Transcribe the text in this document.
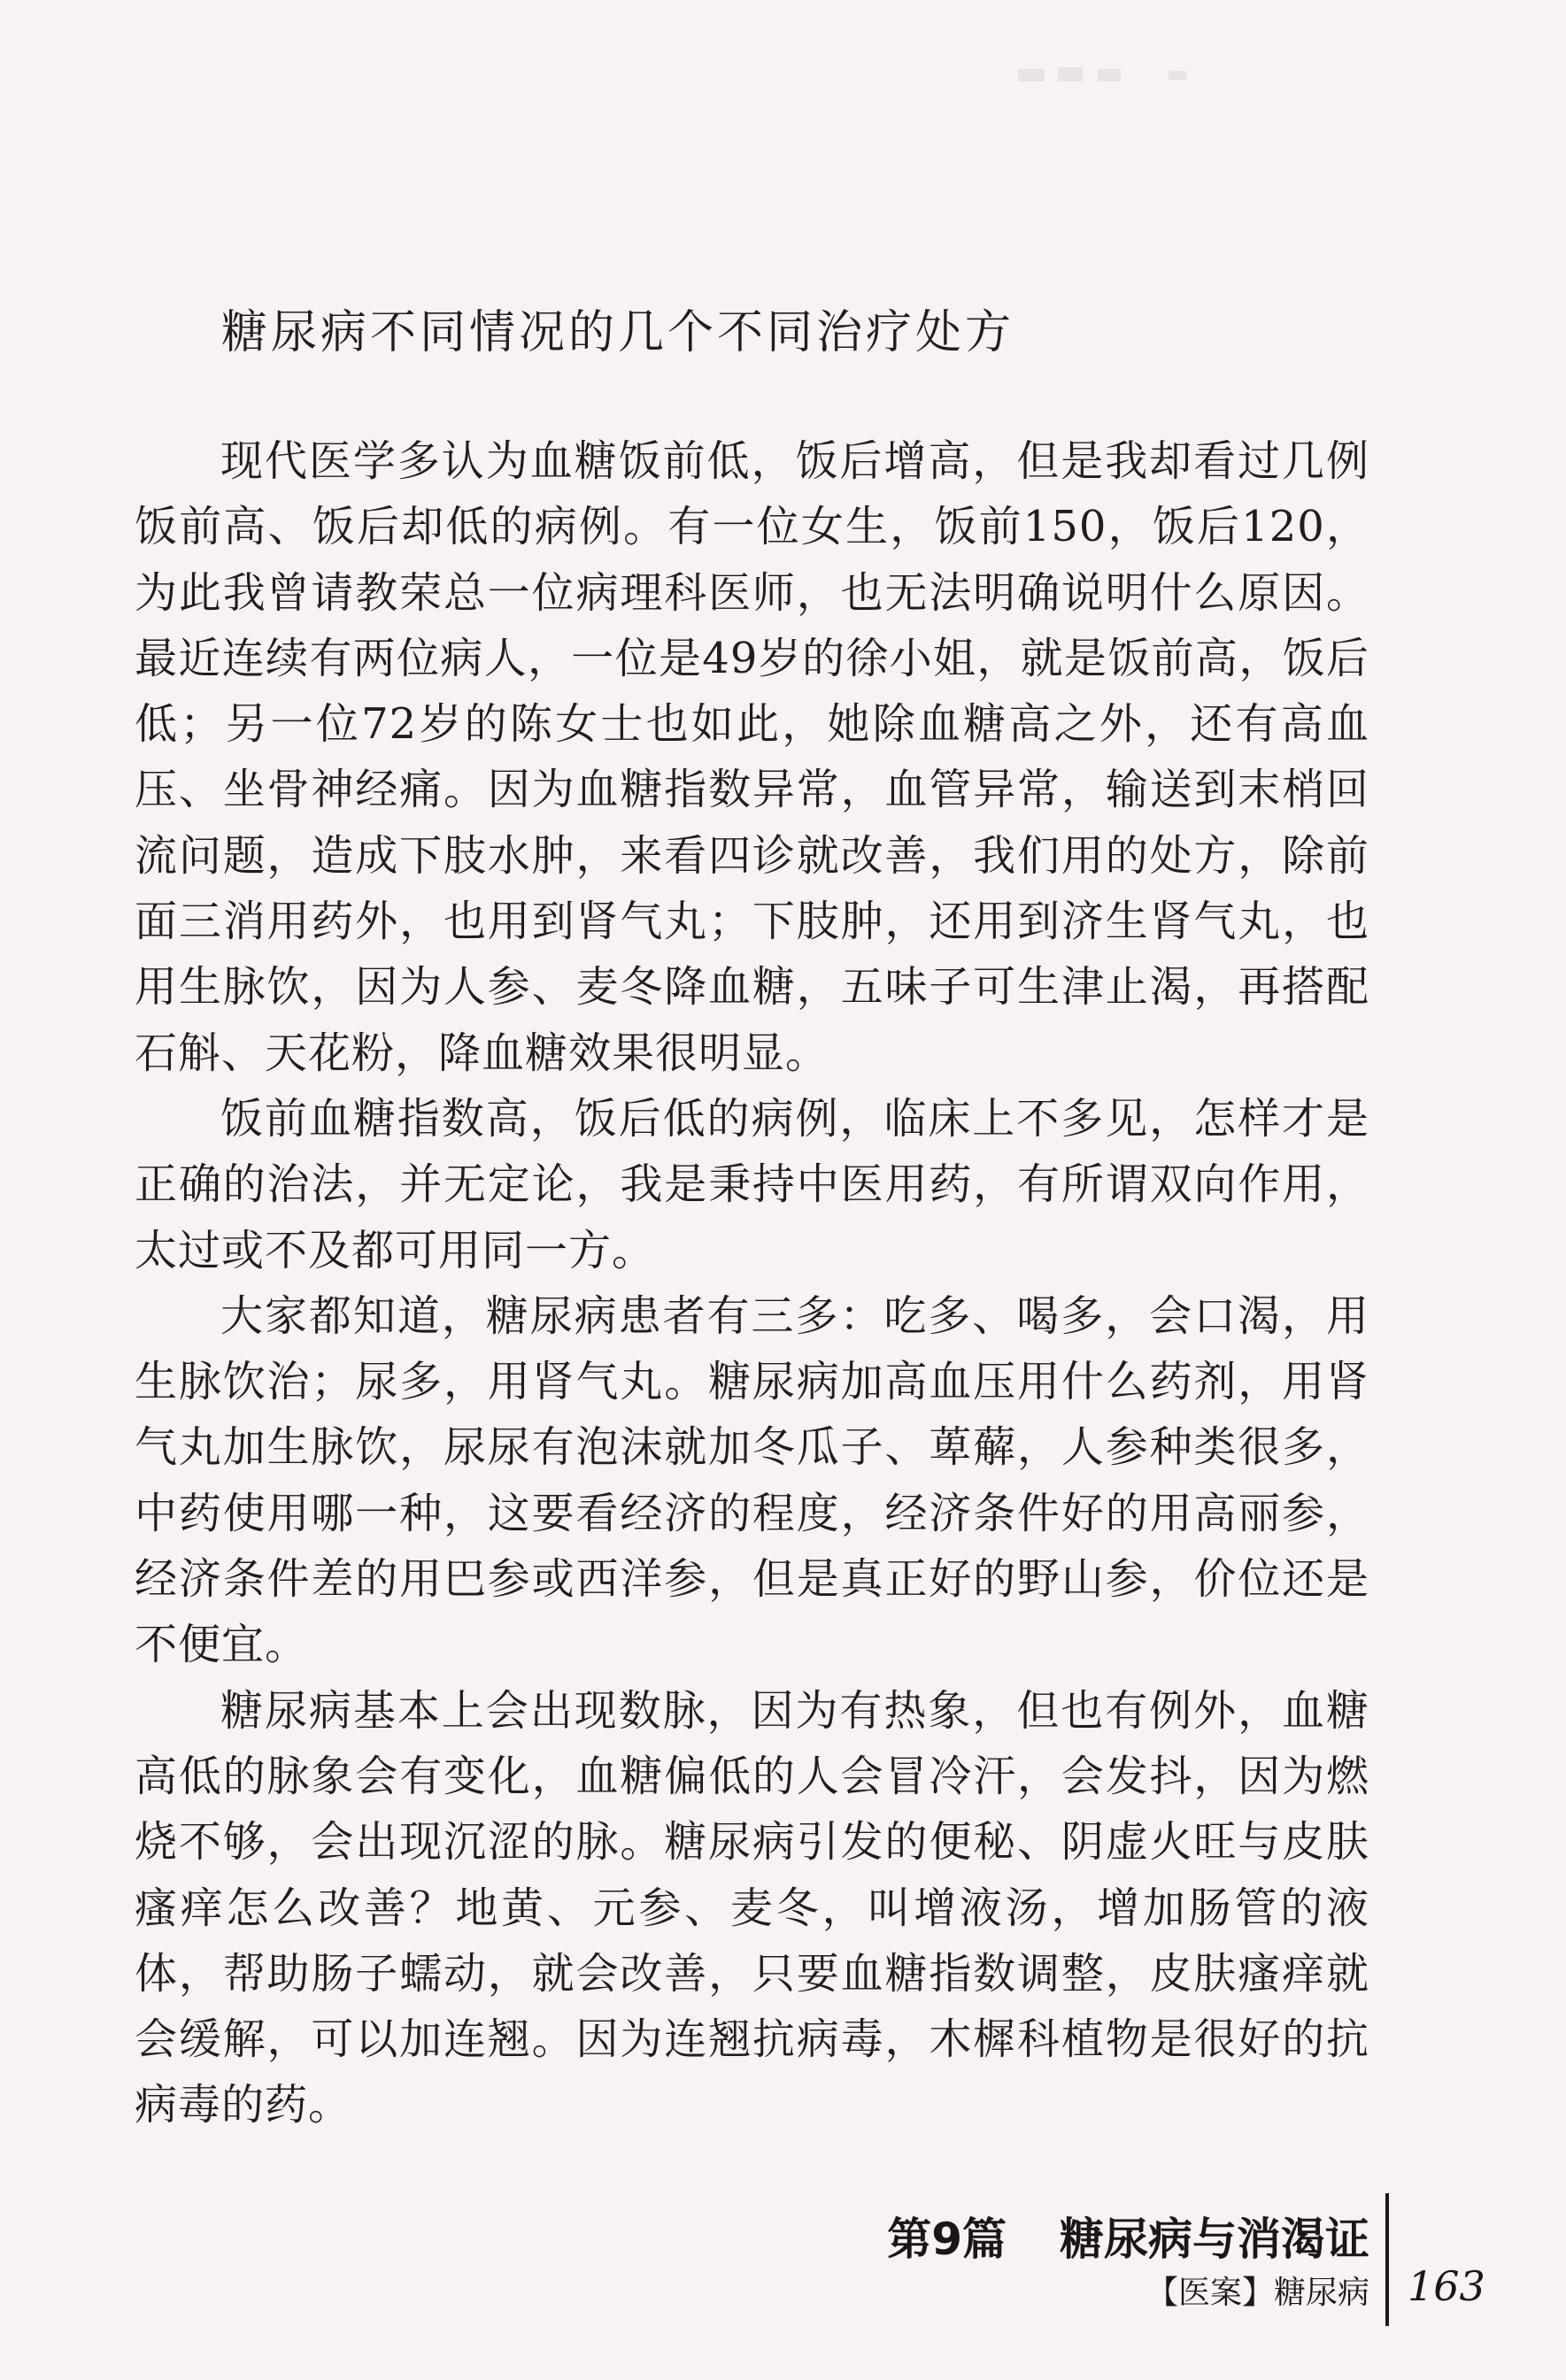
糖尿病不同情况的几个不同治疗处方

现代医学多认为血糖饭前低，饭后增高，但是我却看过几例饭前高、饭后却低的病例。有一位女生，饭前150，饭后120，为此我曾请教荣总一位病理科医师，也无法明确说明什么原因。最近连续有两位病人，一位是49岁的徐小姐，就是饭前高，饭后低；另一位72岁的陈女士也如此，她除血糖高之外，还有高血压、坐骨神经痛。因为血糖指数异常，血管异常，输送到末梢回流问题，造成下肢水肿，来看四诊就改善，我们用的处方，除前面三消用药外，也用到肾气丸；下肢肿，还用到济生肾气丸，也用生脉饮，因为人参、麦冬降血糖，五味子可生津止渴，再搭配石斛、天花粉，降血糖效果很明显。

饭前血糖指数高，饭后低的病例，临床上不多见，怎样才是正确的治法，并无定论，我是秉持中医用药，有所谓双向作用，太过或不及都可用同一方。

大家都知道，糖尿病患者有三多：吃多、喝多，会口渴，用生脉饮治；尿多，用肾气丸。糖尿病加高血压用什么药剂，用肾气丸加生脉饮，尿尿有泡沫就加冬瓜子、萆薢，人参种类很多，中药使用哪一种，这要看经济的程度，经济条件好的用高丽参，经济条件差的用巴参或西洋参，但是真正好的野山参，价位还是不便宜。

糖尿病基本上会出现数脉，因为有热象，但也有例外，血糖高低的脉象会有变化，血糖偏低的人会冒冷汗，会发抖，因为燃烧不够，会出现沉涩的脉。糖尿病引发的便秘、阴虚火旺与皮肤瘙痒怎么改善？地黄、元参、麦冬，叫增液汤，增加肠管的液体，帮助肠子蠕动，就会改善，只要血糖指数调整，皮肤瘙痒就会缓解，可以加连翘。因为连翘抗病毒，木樨科植物是很好的抗病毒的药。

第9篇 糖尿病与消渴证
【医案】糖尿病 163
